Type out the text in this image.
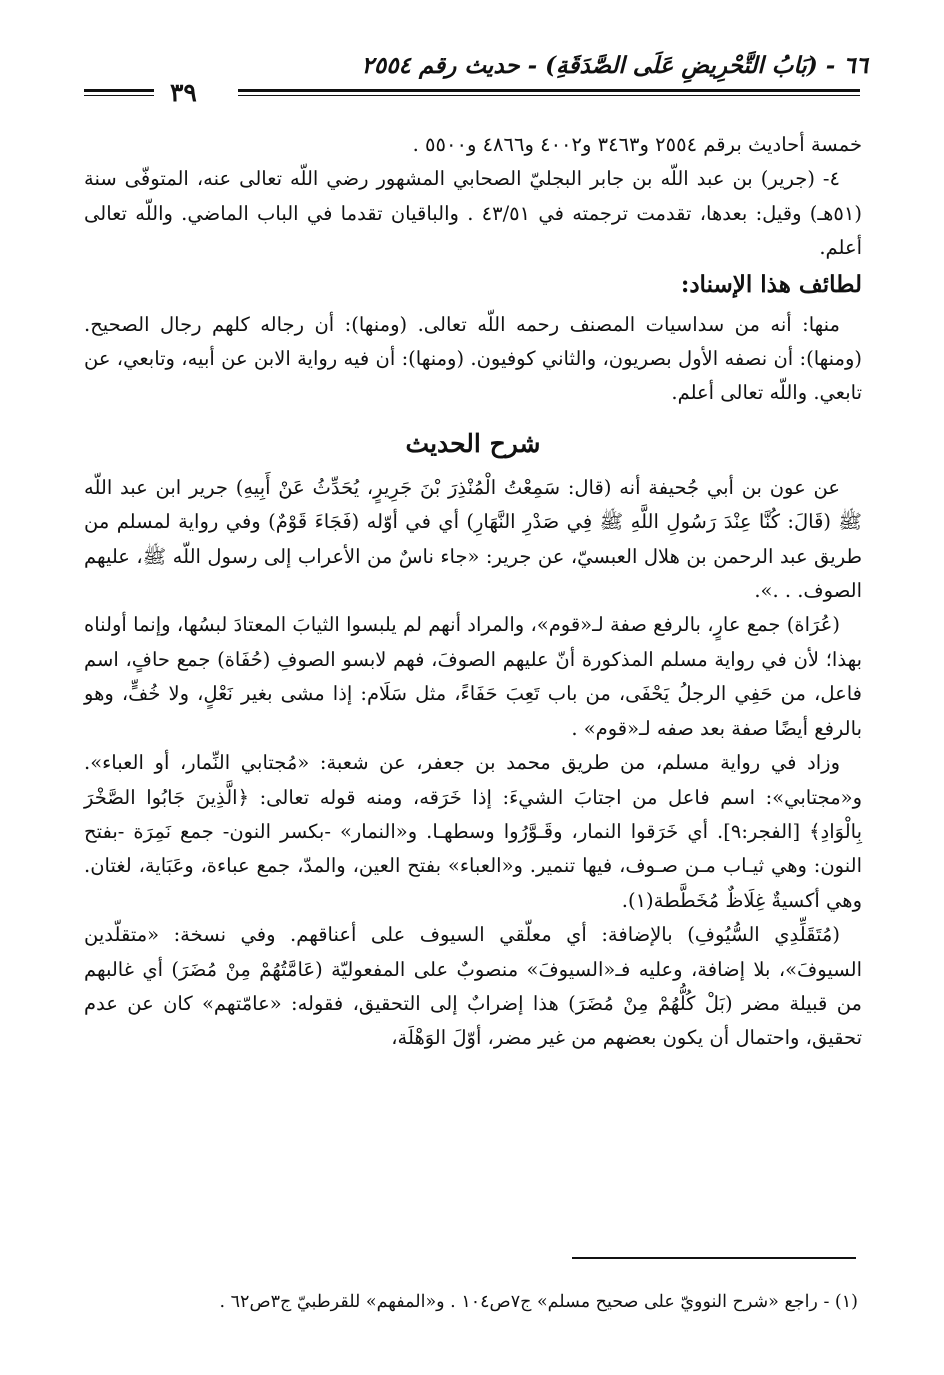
٦٦ - (بَابُ التَّحْرِيضِ عَلَى الصَّدَقَةِ) - حديث رقم ٢٥٥٤
٣٩

خمسة أحاديث برقم ٢٥٥٤ و٣٤٦٣ و٤٠٠٢ و٤٨٦٦ و٥٥٠٠ .

٤- (جرير) بن عبد اللّه بن جابر البجليّ الصحابي المشهور رضي اللّه تعالى عنه، المتوفّى سنة (٥١هـ) وقيل: بعدها، تقدمت ترجمته في ٤٣/٥١ . والباقيان تقدما في الباب الماضي. واللّه تعالى أعلم.

لطائف هذا الإسناد:

منها: أنه من سداسيات المصنف رحمه اللّه تعالى. (ومنها): أن رجاله كلهم رجال الصحيح. (ومنها): أن نصفه الأول بصريون، والثاني كوفيون. (ومنها): أن فيه رواية الابن عن أبيه، وتابعي، عن تابعي. واللّه تعالى أعلم.

شرح الحديث

عن عون بن أبي جُحيفة أنه (قال: سَمِعْتُ الْمُنْذِرَ بْنَ جَرِيرٍ، يُحَدِّثُ عَنْ أَبِيهِ) جرير ابن عبد اللّه ﷺ (قَالَ: كُنَّا عِنْدَ رَسُولِ اللَّهِ ﷺ فِي صَدْرِ النَّهَارِ) أي في أوّله (فَجَاءَ قَوْمٌ) وفي رواية لمسلم من طريق عبد الرحمن بن هلال العبسيّ، عن جرير: «جاء ناسٌ من الأعراب إلى رسول اللّه ﷺ، عليهم الصوف. . .».

(عُرَاة) جمع عارٍ، بالرفع صفة لـ«قوم»، والمراد أنهم لم يلبسوا الثيابَ المعتادَ لبسُها، وإنما أولناه بهذا؛ لأن في رواية مسلم المذكورة أنّ عليهم الصوفَ، فهم لابسو الصوفِ (حُفَاة) جمع حافٍ، اسم فاعل، من حَفِي الرجلُ يَحْفَى، من باب تَعِبَ حَفَاءً، مثل سَلَام: إذا مشى بغير نَعْلٍ، ولا خُفٍّ، وهو بالرفع أيضًا صفة بعد صفه لـ«قوم» .

وزاد في رواية مسلم، من طريق محمد بن جعفر، عن شعبة: «مُجتابي النِّمار، أو العباء». و«مجتابي»: اسم فاعل من اجتابَ الشيءَ: إذا خَرَقه، ومنه قوله تعالى: ﴿الَّذِينَ جَابُوا الصَّخْرَ بِالْوَادِ﴾ [الفجر:٩]. أي خَرَقوا النمار، وقَـوَّرُوا وسطهـا. و«النمار» -بكسر النون- جمع نَمِرَة -بفتح النون: وهي ثيـاب مـن صـوف، فيها تنمير. و«العباء» بفتح العين، والمدّ، جمع عباءة، وعَبَاية، لغتان. وهي أكسيةٌ غِلَاظٌ مُخَطَّطة(١).

(مُتَقَلِّدِي السُّيُوفِ) بالإضافة: أي معلّقي السيوف على أعناقهم. وفي نسخة: «متقلّدين السيوفَ»، بلا إضافة، وعليه فـ«السيوفَ» منصوبٌ على المفعوليّة (عَامَّتُهُمْ مِنْ مُضَرَ) أي غالبهم من قبيلة مضر (بَلْ كُلُّهُمْ مِنْ مُضَرَ) هذا إضرابٌ إلى التحقيق، فقوله: «عامّتهم» كان عن عدم تحقيق، واحتمال أن يكون بعضهم من غير مضر، أوّلَ الوَهْلَة،

(١) - راجع «شرح النوويّ على صحيح مسلم» ج٧ص١٠٤ . و«المفهم» للقرطبيّ ج٣ص٦٢ .
